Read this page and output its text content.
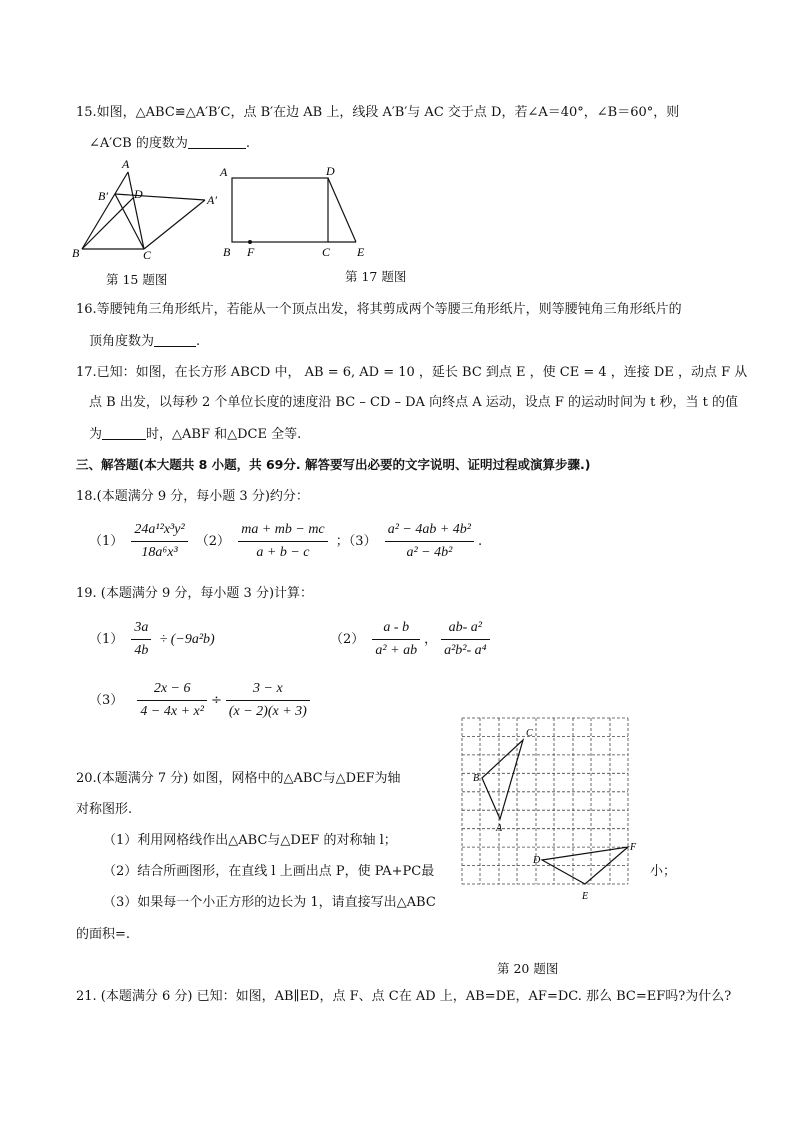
15.如图，△ABC≌△A′B′C，点 B′在边 AB 上，线段 A′B′与 AC 交于点 D，若∠A＝40°，∠B＝60°，则
∠A′CB 的度数为	.
A
B′ D	A′
B	C
第 15 题图
A	D
B F	C E
第 17 题图
16.等腰钝角三角形纸片，若能从一个顶点出发，将其剪成两个等腰三角形纸片，则等腰钝角三角形纸片的
顶角度数为	.
17.已知：如图，在长方形 ABCD 中， AB = 6, AD = 10 ，延长 BC 到点 E ，使 CE = 4 ，连接 DE ，动点 F 从
点 B 出发，以每秒 2 个单位长度的速度沿 BC – CD – DA 向终点 A 运动，设点 F 的运动时间为 t 秒，当 t 的值
为	时，△ABF 和△DCE 全等.
三、解答题(本大题共 8 小题，共 69分. 解答要写出必要的文字说明、证明过程或演算步骤.)
18.(本题满分 9 分，每小题 3 分)约分：
$(1) \frac{\text{24a¹²x³y²}}{\text{18a⁶x³}} (2) \frac{ma + mb - mc}{a + b - c}$ ；$(3) \frac{\text{a² − 4ab + 4b²}}{\text{a² − 4b²}}$ .
19. (本题满分 9 分，每小题 3 分)计算：
$(1) \frac{3a}{4b} \div (-9a^2b)$	$(2) \frac{a - b}{\text{a² + ab}}$ ， $\frac{\text{ab- a²}}{\text{a²b²- a⁴}}$
$(3) \frac{2x - 6}{\text{4 − 4x + x²}} \div \frac{3 - x}{(x - 2)(x + 3)}$
20.(本题满分 7 分) 如图，网格中的△ABC与△DEF为轴
对称图形.
（1）利用网格线作出△ABC与△DEF 的对称轴 l；
（2）结合所画图形，在直线 l 上画出点 P，使 PA+PC最	小；
（3）如果每一个小正方形的边长为 1，请直接写出△ABC
的面积=.
C
B
A
D
F
E
第 20 题图
21. (本题满分 6 分) 已知：如图，AB∥ED，点 F、点 C在 AD 上，AB=DE，AF=DC. 那么 BC=EF吗?为什么?
